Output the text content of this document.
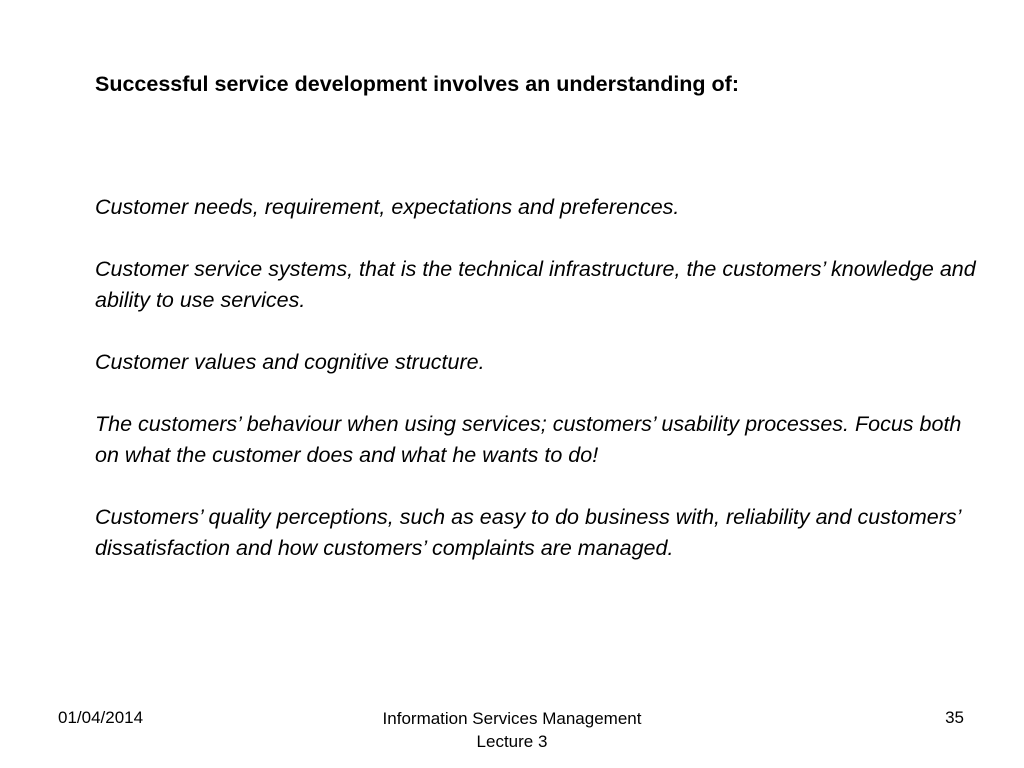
Successful service development involves an understanding of:
Customer needs, requirement, expectations and preferences.
Customer service systems, that is the technical infrastructure, the customers’ knowledge and ability to use services.
Customer values and cognitive structure.
The customers’ behaviour when using services; customers’ usability processes. Focus both on what the customer does and what he wants to do!
Customers’ quality perceptions, such as easy to do business with, reliability and customers’ dissatisfaction and how customers’ complaints are managed.
01/04/2014	Information Services Management
Lecture 3
35
